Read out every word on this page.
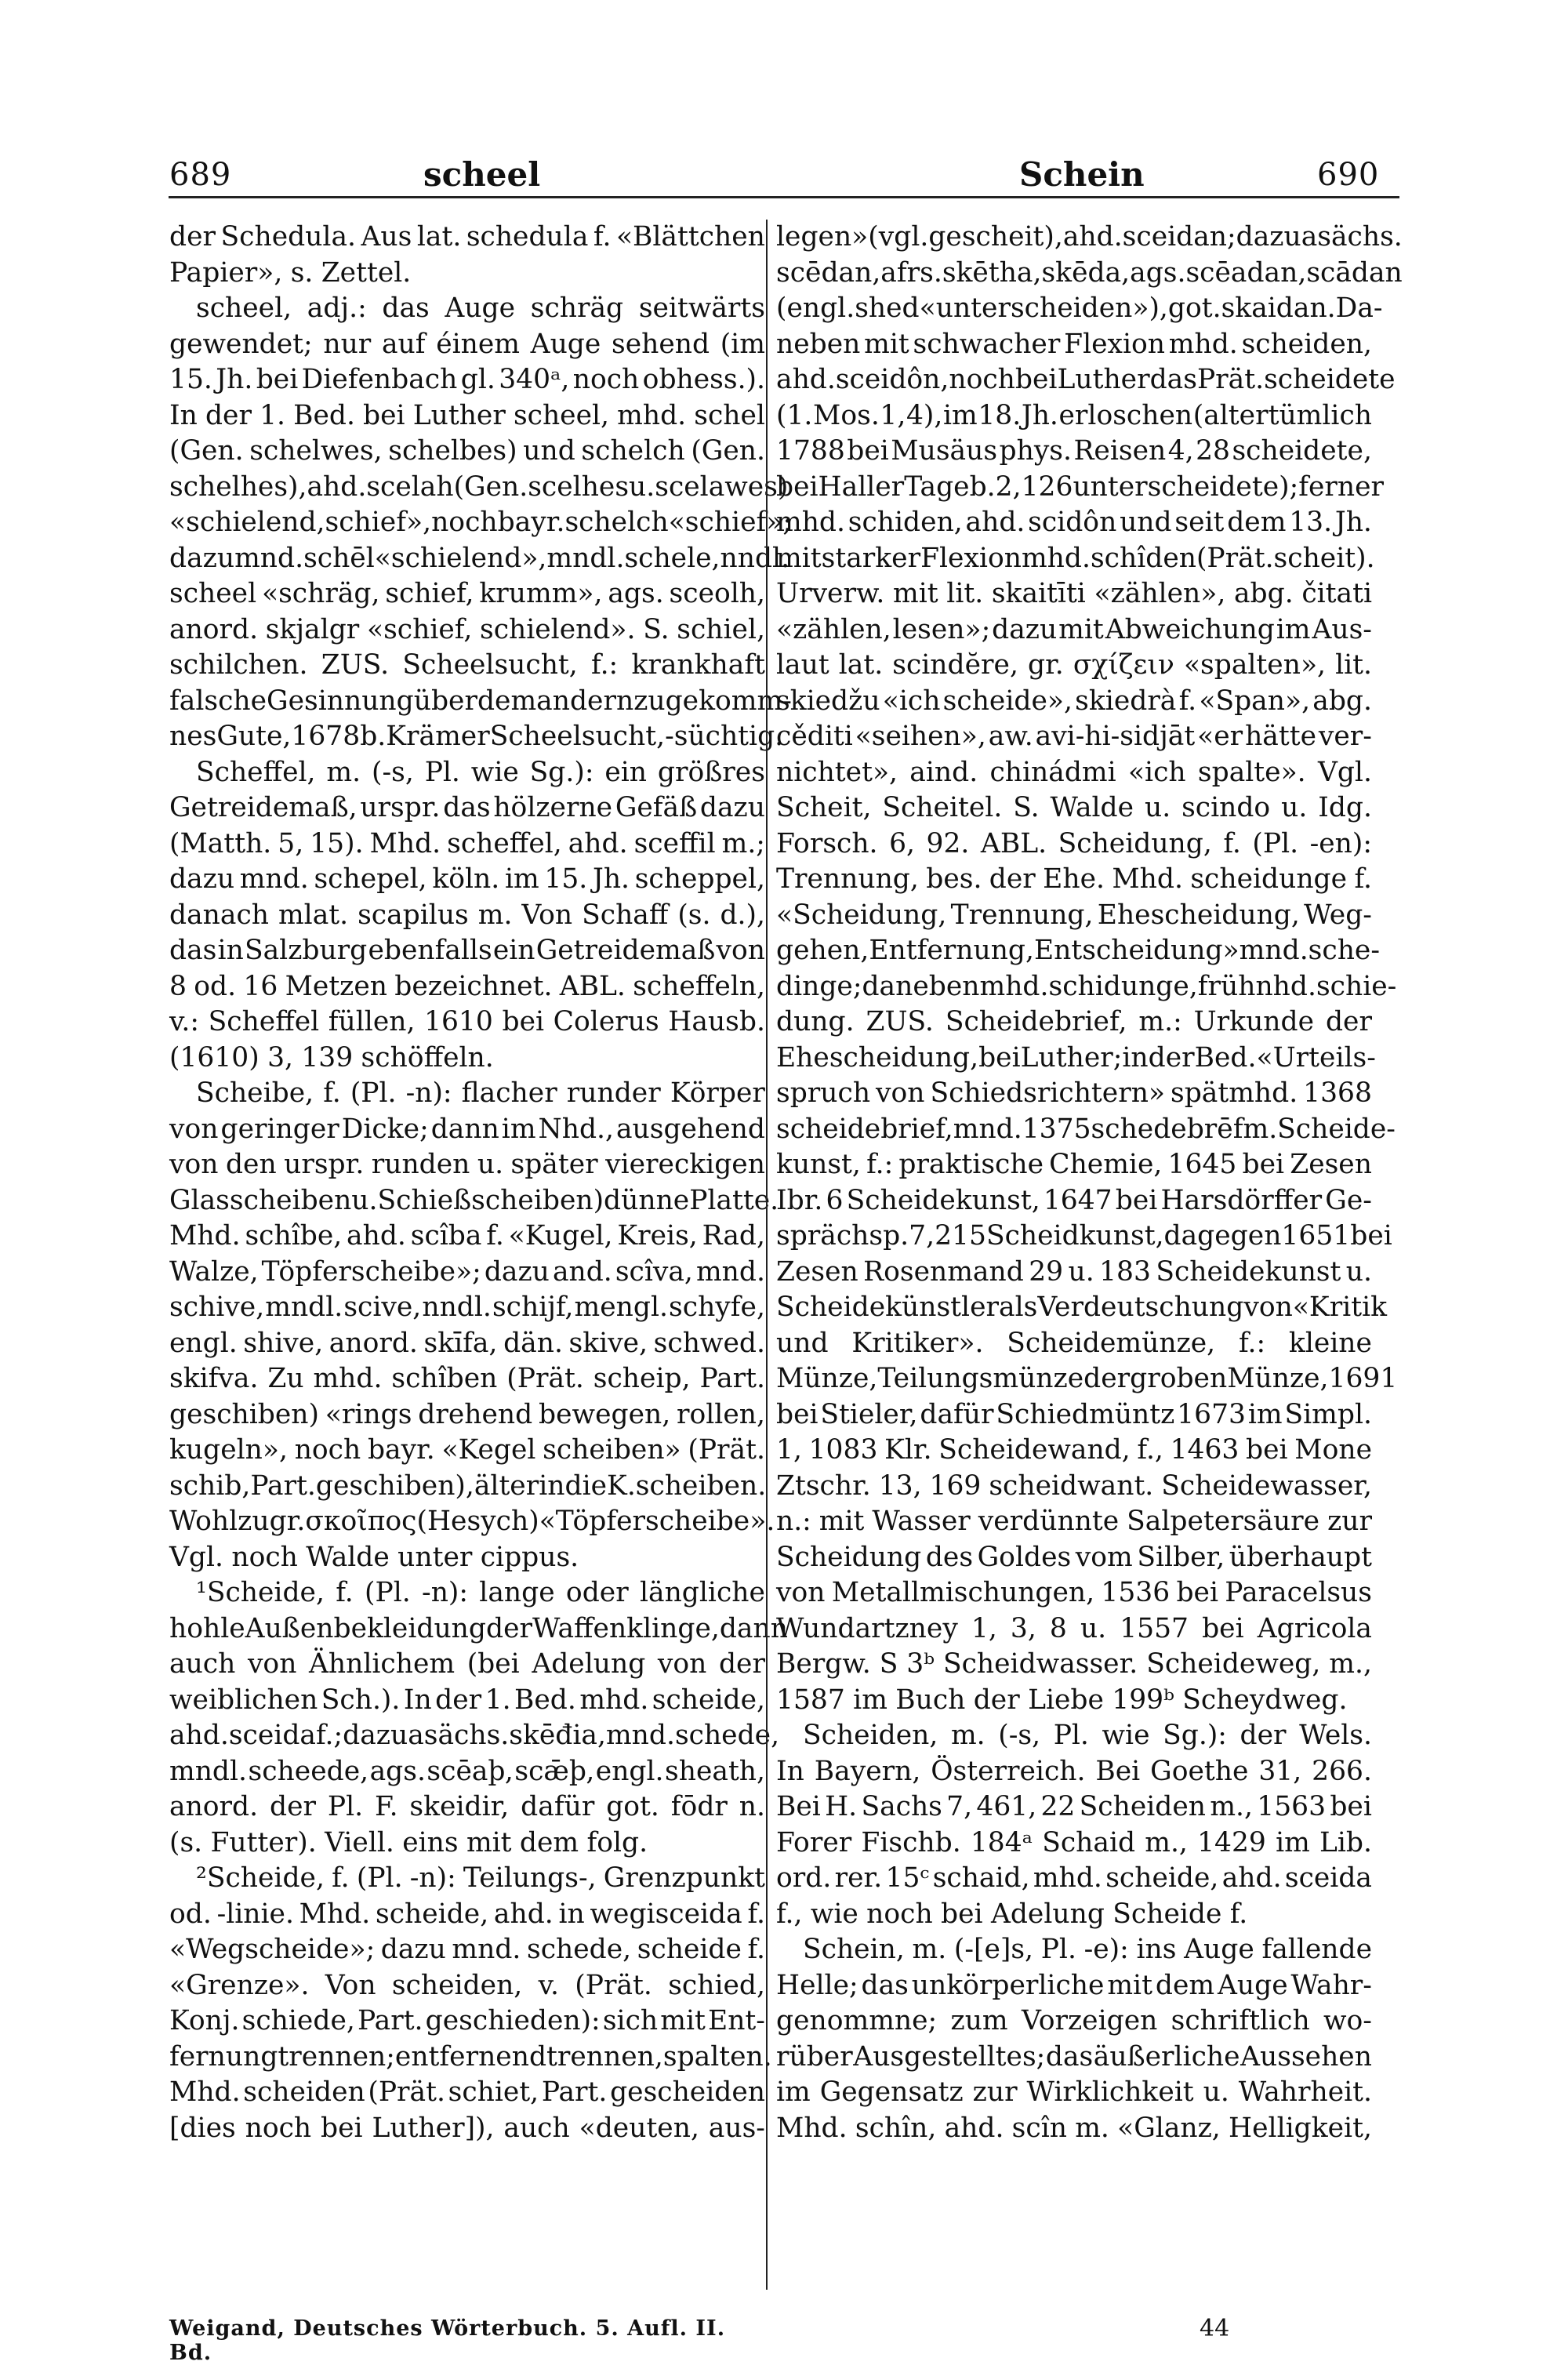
689	scheel	Schein	690
der Schedula. Aus lat. schedula f. «Blättchen
Papier», s. Zettel.
scheel, adj.: das Auge schräg seitwärts
gewendet; nur auf éinem Auge sehend (im
15. Jh. bei Diefenbach gl. 340ᵃ, noch obhess.).
In der 1. Bed. bei Luther scheel, mhd. schel
(Gen. schelwes, schelbes) und schelch (Gen.
schelhes), ahd. scelah (Gen. scelhes u. scelawes)
«schielend, schief», noch bayr. schelch «schief»;
dazu mnd. schēl «schielend», mndl. schele, nndl.
scheel «schräg, schief, krumm», ags. sceolh,
anord. skjalgr «schief, schielend». S. schiel,
schilchen. ZUS. Scheelsucht, f.: krankhaft
falsche Gesinnung über dem andern zugekomm-
nes Gute, 1678 b. Krämer Scheelsucht, -süchtig.
Scheffel, m. (-s, Pl. wie Sg.): ein größres
Getreidemaß, urspr. das hölzerne Gefäß dazu
(Matth. 5, 15). Mhd. scheffel, ahd. sceffil m.;
dazu mnd. schepel, köln. im 15. Jh. scheppel,
danach mlat. scapilus m. Von Schaff (s. d.),
das in Salzburg ebenfalls ein Getreidemaß von
8 od. 16 Metzen bezeichnet. ABL. scheffeln,
v.: Scheffel füllen, 1610 bei Colerus Hausb.
(1610) 3, 139 schöffeln.
Scheibe, f. (Pl. -n): flacher runder Körper
von geringer Dicke; dann im Nhd., ausgehend
von den urspr. runden u. später viereckigen
Glasscheiben u. Schießscheiben) dünne Platte.
Mhd. schîbe, ahd. scîba f. «Kugel, Kreis, Rad,
Walze, Töpferscheibe»; dazu and. scîva, mnd.
schive, mndl. scive, nndl. schijf, mengl. schyfe,
engl. shive, anord. skīfa, dän. skive, schwed.
skifva. Zu mhd. schîben (Prät. scheip, Part.
geschiben) «rings drehend bewegen, rollen,
kugeln», noch bayr. «Kegel scheiben» (Prät.
schib, Part. geschiben), älter in die K. scheiben.
Wohl zu gr. σκοῖπος (Hesych) «Töpferscheibe».
Vgl. noch Walde unter cippus.
¹Scheide, f. (Pl. -n): lange oder längliche
hohle Außenbekleidung der Waffenklinge, dann
auch von Ähnlichem (bei Adelung von der
weiblichen Sch.). In der 1. Bed. mhd. scheide,
ahd. sceida f.; dazu asächs. skēđia, mnd. schede,
mndl. scheede, ags. scēaþ, scǣþ, engl. sheath,
anord. der Pl. F. skeidir, dafür got. fōdr n.
(s. Futter). Viell. eins mit dem folg.
²Scheide, f. (Pl. -n): Teilungs-, Grenzpunkt
od. -linie. Mhd. scheide, ahd. in wegisceida f.
«Wegscheide»; dazu mnd. schede, scheide f.
«Grenze». Von scheiden, v. (Prät. schied,
Konj. schiede, Part. geschieden): sich mit Ent-
fernung trennen; entfernend trennen, spalten.
Mhd. scheiden (Prät. schiet, Part. gescheiden
[dies noch bei Luther]), auch «deuten, aus-
legen» (vgl. gescheit), ahd. sceidan; dazu asächs.
scēdan, afrs. skētha, skēda, ags. scēadan, scādan
(engl. shed «unterscheiden»), got. skaidan. Da-
neben mit schwacher Flexion mhd. scheiden,
ahd. sceidôn, noch bei Luther das Prät. scheidete
(1. Mos. 1, 4), im 18. Jh. erloschen (altertümlich
1788 bei Musäus phys. Reisen 4, 28 scheidete,
bei Haller Tageb. 2, 126 unterscheidete); ferner
mhd. schiden, ahd. scidôn und seit dem 13. Jh.
mit starker Flexion mhd. schîden (Prät. scheit).
Urverw. mit lit. skaitīti «zählen», abg. čitati
«zählen, lesen»; dazu mit Abweichung im Aus-
laut lat. scindĕre, gr. σχίζειν «spalten», lit.
skiedžu «ich scheide», skiedrà f. «Span», abg.
cěditi «seihen», aw. avi-hi-sidjāt «er hätte ver-
nichtet», aind. chinádmi «ich spalte». Vgl.
Scheit, Scheitel. S. Walde u. scindo u. Idg.
Forsch. 6, 92. ABL. Scheidung, f. (Pl. -en):
Trennung, bes. der Ehe. Mhd. scheidunge f.
«Scheidung, Trennung, Ehescheidung, Weg-
gehen, Entfernung, Entscheidung» mnd. sche-
dinge; daneben mhd. schidunge, frühnhd. schie-
dung. ZUS. Scheidebrief, m.: Urkunde der
Ehescheidung, bei Luther; in der Bed. «Urteils-
spruch von Schiedsrichtern» spätmhd. 1368
scheidebrief, mnd. 1375 schedebrēf m. Scheide-
kunst, f.: praktische Chemie, 1645 bei Zesen
Ibr. 6 Scheidekunst, 1647 bei Harsdörffer Ge-
sprächsp. 7, 215 Scheidkunst, dagegen 1651 bei
Zesen Rosenmand 29 u. 183 Scheidekunst u.
Scheidekünstler als Verdeutschung von «Kritik
und Kritiker». Scheidemünze, f.: kleine
Münze, Teilungsmünze der groben Münze, 1691
bei Stieler, dafür Schiedmüntz 1673 im Simpl.
1, 1083 Klr. Scheidewand, f., 1463 bei Mone
Ztschr. 13, 169 scheidwant. Scheidewasser,
n.: mit Wasser verdünnte Salpetersäure zur
Scheidung des Goldes vom Silber, überhaupt
von Metallmischungen, 1536 bei Paracelsus
Wundartzney 1, 3, 8 u. 1557 bei Agricola
Bergw. S 3ᵇ Scheidwasser. Scheideweg, m.,
1587 im Buch der Liebe 199ᵇ Scheydweg.
Scheiden, m. (-s, Pl. wie Sg.): der Wels.
In Bayern, Österreich. Bei Goethe 31, 266.
Bei H. Sachs 7, 461, 22 Scheiden m., 1563 bei
Forer Fischb. 184ᵃ Schaid m., 1429 im Lib.
ord. rer. 15ᶜ schaid, mhd. scheide, ahd. sceida
f., wie noch bei Adelung Scheide f.
Schein, m. (-[e]s, Pl. -e): ins Auge fallende
Helle; das unkörperliche mit dem Auge Wahr-
genommne; zum Vorzeigen schriftlich wo-
rüber Ausgestelltes; das äußerliche Aussehen
im Gegensatz zur Wirklichkeit u. Wahrheit.
Mhd. schîn, ahd. scîn m. «Glanz, Helligkeit,
Weigand, Deutsches Wörterbuch. 5. Aufl. II. Bd.
44
